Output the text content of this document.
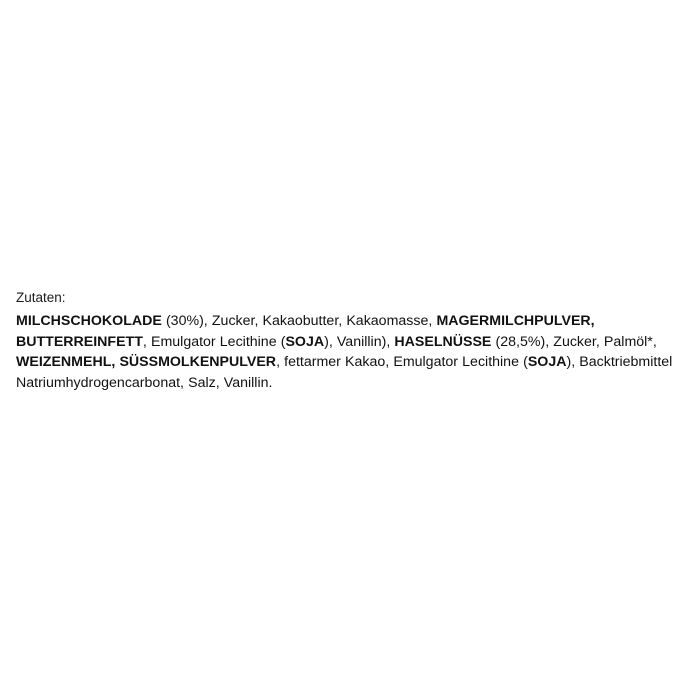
Zutaten:
MILCHSCHOKOLADE (30%), Zucker, Kakaobutter, Kakaomasse, MAGERMILCHPULVER, BUTTERREINFETT, Emulgator Lecithine (SOJA), Vanillin), HASELNÜSSE (28,5%), Zucker, Palmöl*, WEIZENMEHL, SÜSSMOLKENPULVER, fettarmer Kakao, Emulgator Lecithine (SOJA), Backtriebmittel Natriumhydrogencarbonat, Salz, Vanillin.
